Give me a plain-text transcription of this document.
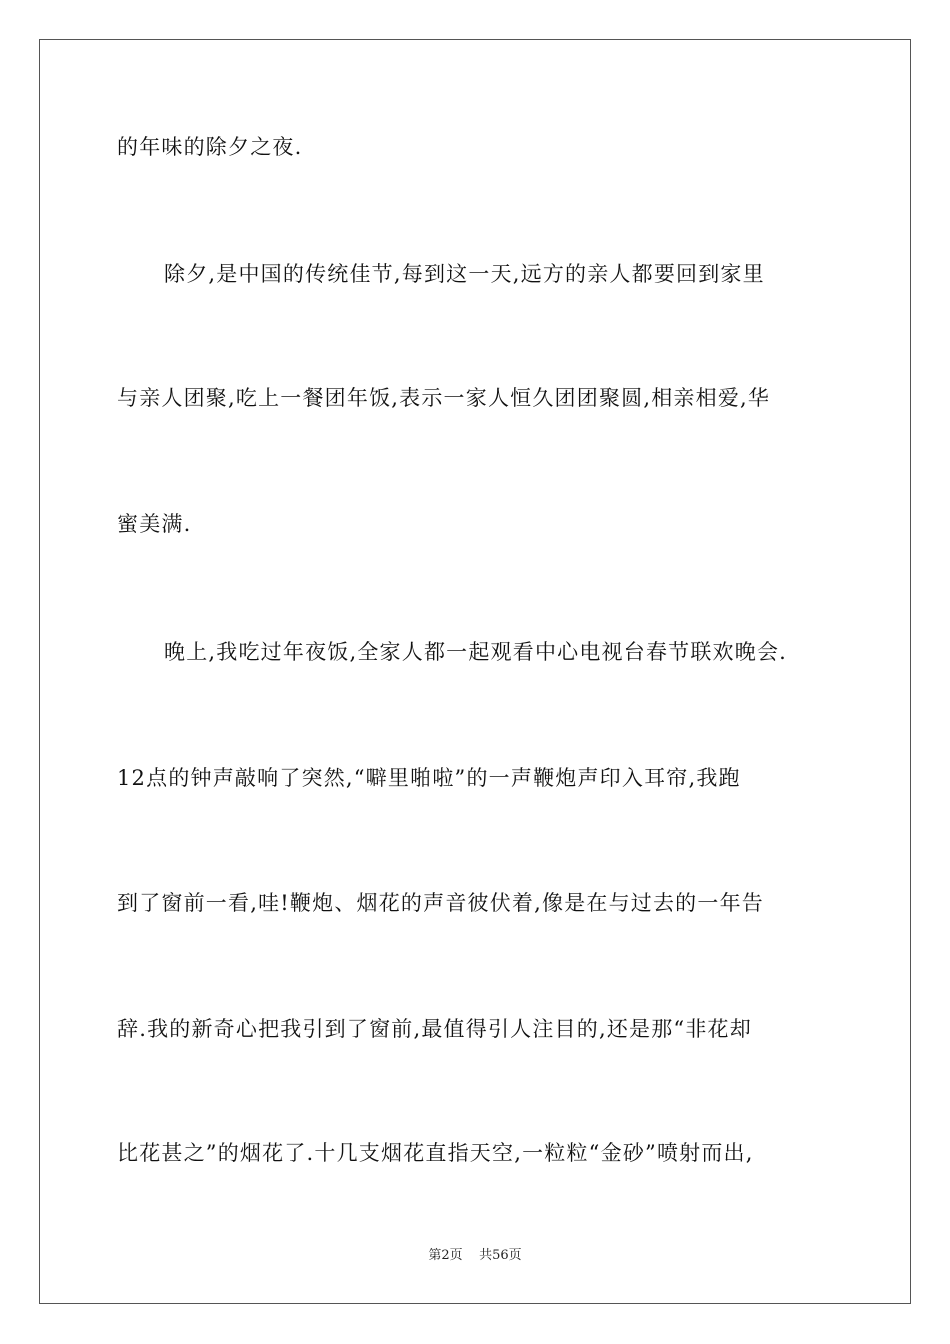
的年味的除夕之夜.
除夕,是中国的传统佳节,每到这一天,远方的亲人都要回到家里
与亲人团聚,吃上一餐团年饭,表示一家人恒久团团聚圆,相亲相爱,华
蜜美满.
晚上,我吃过年夜饭,全家人都一起观看中心电视台春节联欢晚会.
12点的钟声敲响了突然,“噼里啪啦”的一声鞭炮声印入耳帘,我跑
到了窗前一看,哇!鞭炮、烟花的声音彼伏着,像是在与过去的一年告
辞.我的新奇心把我引到了窗前,最值得引人注目的,还是那“非花却
比花甚之”的烟花了.十几支烟花直指天空,一粒粒“金砂”喷射而出,
第2页 共56页
